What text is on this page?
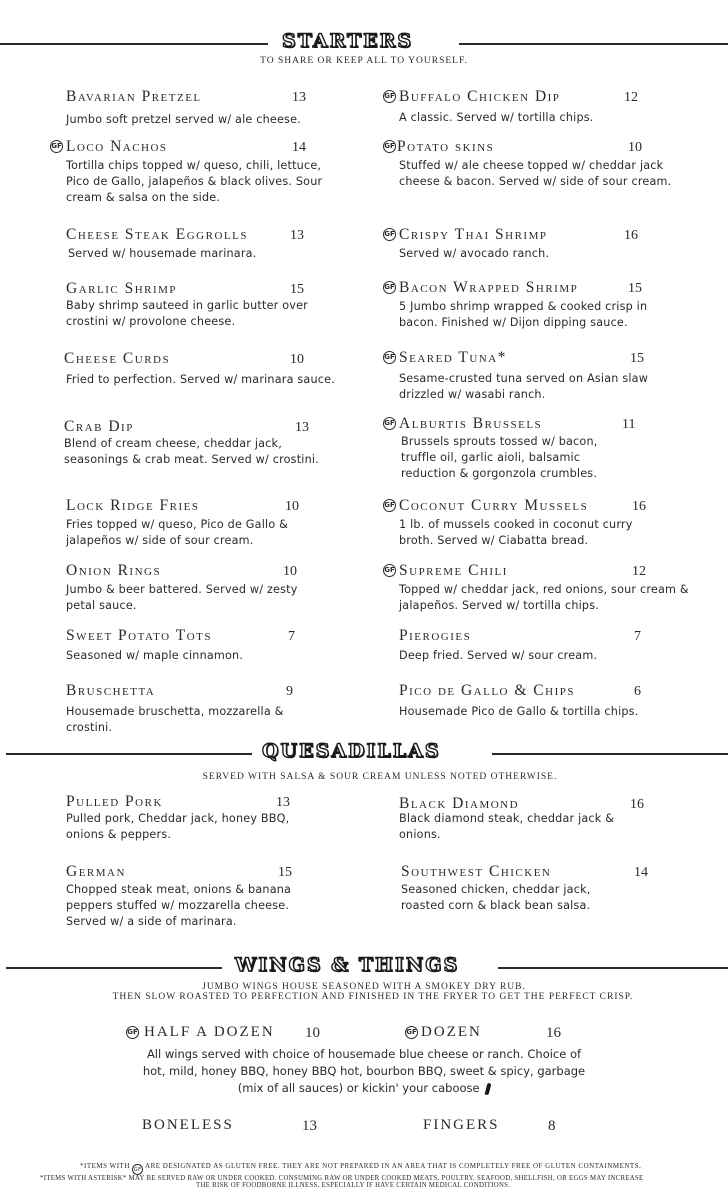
STARTERS
TO SHARE OR KEEP ALL TO YOURSELF.
Bavarian Pretzel	13
Jumbo soft pretzel served w/ ale cheese.
GF Loco Nachos	14
Tortilla chips topped w/ queso, chili, lettuce, Pico de Gallo, jalapeños & black olives. Sour cream & salsa on the side.
Cheese Steak Eggrolls	13
Served w/ housemade marinara.
Garlic Shrimp	15
Baby shrimp sauteed in garlic butter over crostini w/ provolone cheese.
Cheese Curds	10
Fried to perfection. Served w/ marinara sauce.
Crab Dip	13
Blend of cream cheese, cheddar jack, seasonings & crab meat. Served w/ crostini.
Lock Ridge Fries	10
Fries topped w/ queso, Pico de Gallo & jalapeños w/ side of sour cream.
Onion Rings	10
Jumbo & beer battered. Served w/ zesty petal sauce.
Sweet Potato Tots	7
Seasoned w/ maple cinnamon.
Bruschetta	9
Housemade bruschetta, mozzarella & crostini.
GF Buffalo Chicken Dip	12
A classic. Served w/ tortilla chips.
GF Potato skins	10
Stuffed w/ ale cheese topped w/ cheddar jack cheese & bacon. Served w/ side of sour cream.
GF Crispy Thai Shrimp	16
Served w/ avocado ranch.
GF Bacon Wrapped Shrimp	15
5 Jumbo shrimp wrapped & cooked crisp in bacon. Finished w/ Dijon dipping sauce.
GF Seared Tuna*	15
Sesame-crusted tuna served on Asian slaw drizzled w/ wasabi ranch.
GF Alburtis Brussels	11
Brussels sprouts tossed w/ bacon, truffle oil, garlic aioli, balsamic reduction & gorgonzola crumbles.
GF Coconut Curry Mussels	16
1 lb. of mussels cooked in coconut curry broth. Served w/ Ciabatta bread.
GF Supreme Chili	12
Topped w/ cheddar jack, red onions, sour cream & jalapeños. Served w/ tortilla chips.
Pierogies	7
Deep fried. Served w/ sour cream.
Pico de Gallo & Chips	6
Housemade Pico de Gallo & tortilla chips.
QUESADILLAS
SERVED WITH SALSA & SOUR CREAM UNLESS NOTED OTHERWISE.
Pulled Pork	13
Pulled pork, Cheddar jack, honey BBQ, onions & peppers.
Black Diamond	16
Black diamond steak, cheddar jack & onions.
German	15
Chopped steak meat, onions & banana peppers stuffed w/ mozzarella cheese. Served w/ a side of marinara.
Southwest Chicken	14
Seasoned chicken, cheddar jack, roasted corn & black bean salsa.
WINGS & THINGS
JUMBO WINGS HOUSE SEASONED WITH A SMOKEY DRY RUB.
THEN SLOW ROASTED TO PERFECTION AND FINISHED IN THE FRYER TO GET THE PERFECT CRISP.
GF HALF A DOZEN 10	GF DOZEN	16
All wings served with choice of housemade blue cheese or ranch. Choice of hot, mild, honey BBQ, honey BBQ hot, bourbon BBQ, sweet & spicy, garbage (mix of all sauces) or kickin' your caboose
BONELESS	13	FINGERS	8
*ITEMS WITH GF ARE DESIGNATED AS GLUTEN FREE. THEY ARE NOT PREPARED IN AN AREA THAT IS COMPLETELY FREE OF GLUTEN CONTAINMENTS.
*ITEMS WITH ASTERISK* MAY BE SERVED RAW OR UNDER COOKED. CONSUMING RAW OR UNDER COOKED MEATS, POULTRY, SEAFOOD, SHELLFISH, OR EGGS MAY INCREASE
THE RISK OF FOODBORNE ILLNESS, ESPECIALLY IF HAVE CERTAIN MEDICAL CONDITIONS.
